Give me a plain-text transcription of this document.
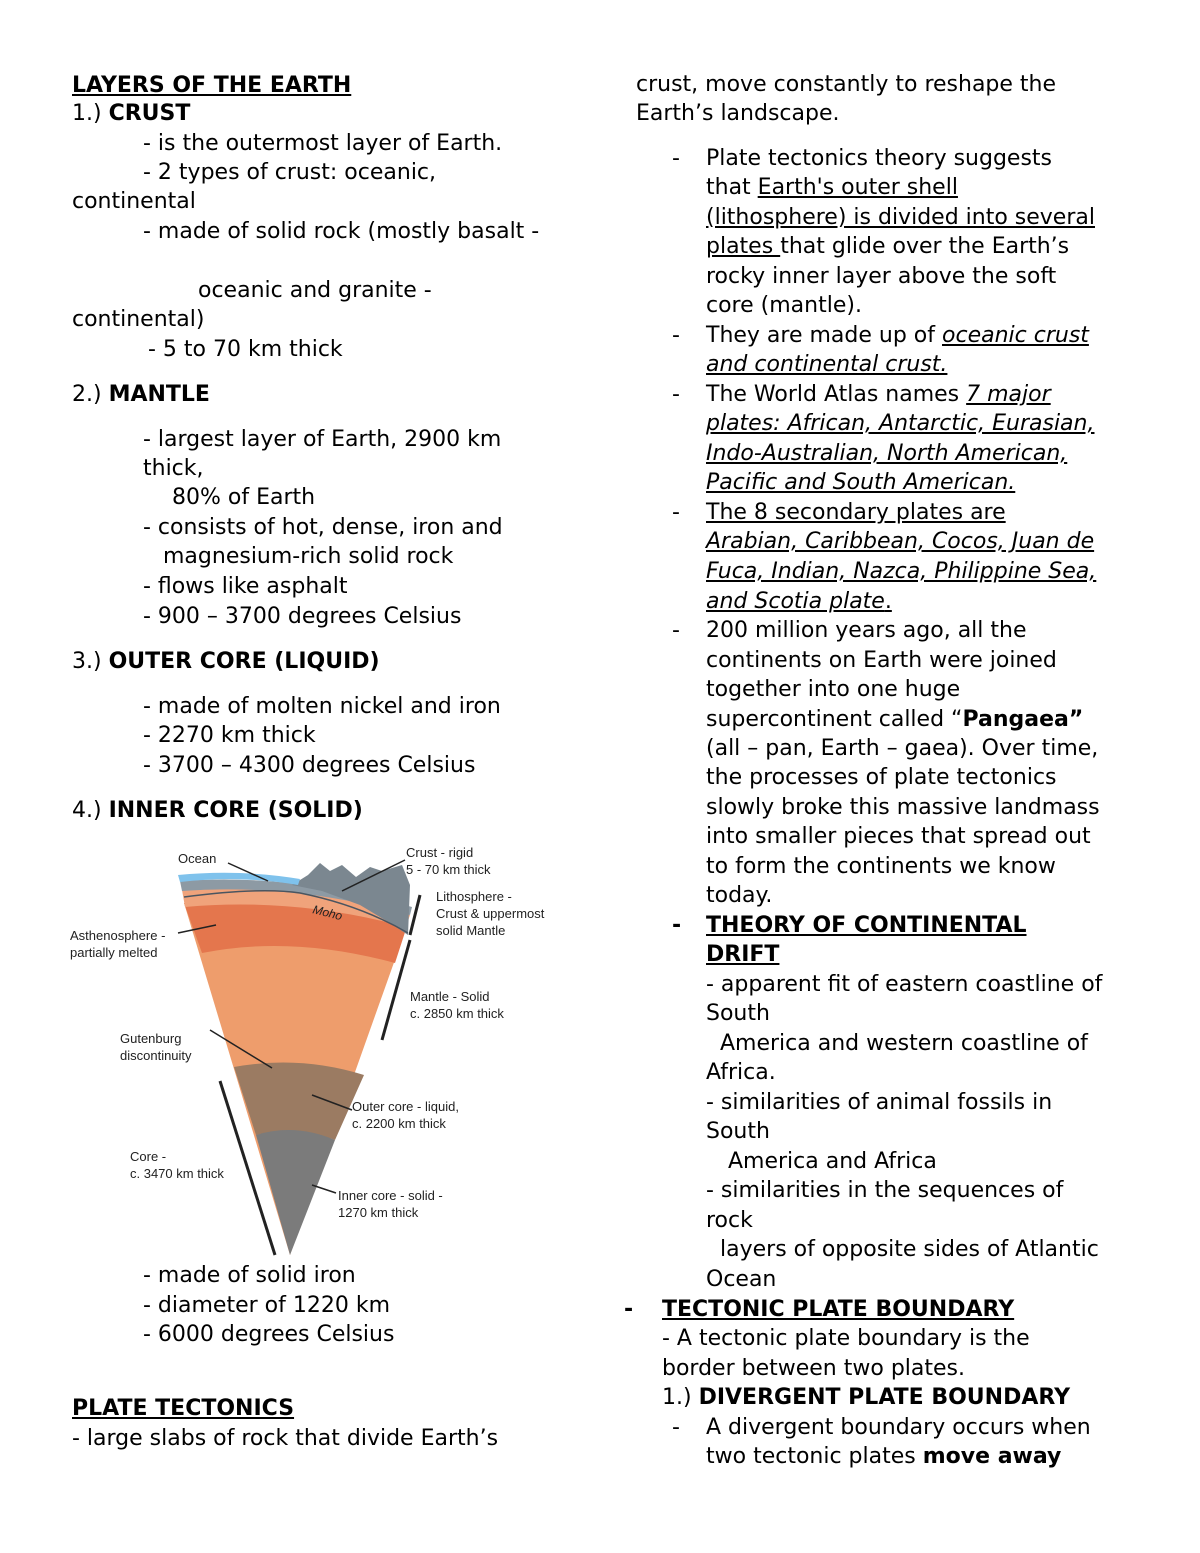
LAYERS OF THE EARTH
1.) CRUST
- is the outermost layer of Earth.
- 2 types of crust: oceanic,
continental
- made of solid rock (mostly basalt -
oceanic and granite -
continental)
- 5 to 70 km thick
2.) MANTLE
- largest layer of Earth, 2900 km
thick,
80% of Earth
- consists of hot, dense, iron and
magnesium-rich solid rock
- flows like asphalt
- 900 – 3700 degrees Celsius
3.) OUTER CORE (LIQUID)
- made of molten nickel and iron
- 2270 km thick
- 3700 – 4300 degrees Celsius
4.) INNER CORE (SOLID)
Ocean	Crust - rigid
5 - 70 km thick
Moho
Lithosphere -
Crust & uppermost
solid Mantle
Asthenosphere -
partially melted
Mantle - Solid
c. 2850 km thick
Gutenburg
discontinuity
Outer core - liquid,
c. 2200 km thick
Core -
c. 3470 km thick
Inner core - solid -
1270 km thick
- made of solid iron
- diameter of 1220 km
- 6000 degrees Celsius
PLATE TECTONICS
- large slabs of rock that divide Earth’s
crust, move constantly to reshape the
Earth’s landscape.
- Plate tectonics theory suggests
that Earth's outer shell
(lithosphere) is divided into several
plates that glide over the Earth’s
rocky inner layer above the soft
core (mantle).
- They are made up of oceanic crust
and continental crust.
- The World Atlas names 7 major
plates: African, Antarctic, Eurasian,
Indo-Australian, North American,
Pacific and South American.
- The 8 secondary plates are
Arabian, Caribbean, Cocos, Juan de
Fuca, Indian, Nazca, Philippine Sea,
and Scotia plate.
- 200 million years ago, all the
continents on Earth were joined
together into one huge
supercontinent called “Pangaea”
(all – pan, Earth – gaea). Over time,
the processes of plate tectonics
slowly broke this massive landmass
into smaller pieces that spread out
to form the continents we know
today.
- THEORY OF CONTINENTAL
DRIFT
- apparent fit of eastern coastline of
South
America and western coastline of
Africa.
- similarities of animal fossils in
South
America and Africa
- similarities in the sequences of
rock
layers of opposite sides of Atlantic
Ocean
- TECTONIC PLATE BOUNDARY
- A tectonic plate boundary is the
border between two plates.
1.) DIVERGENT PLATE BOUNDARY
- A divergent boundary occurs when
two tectonic plates move away
